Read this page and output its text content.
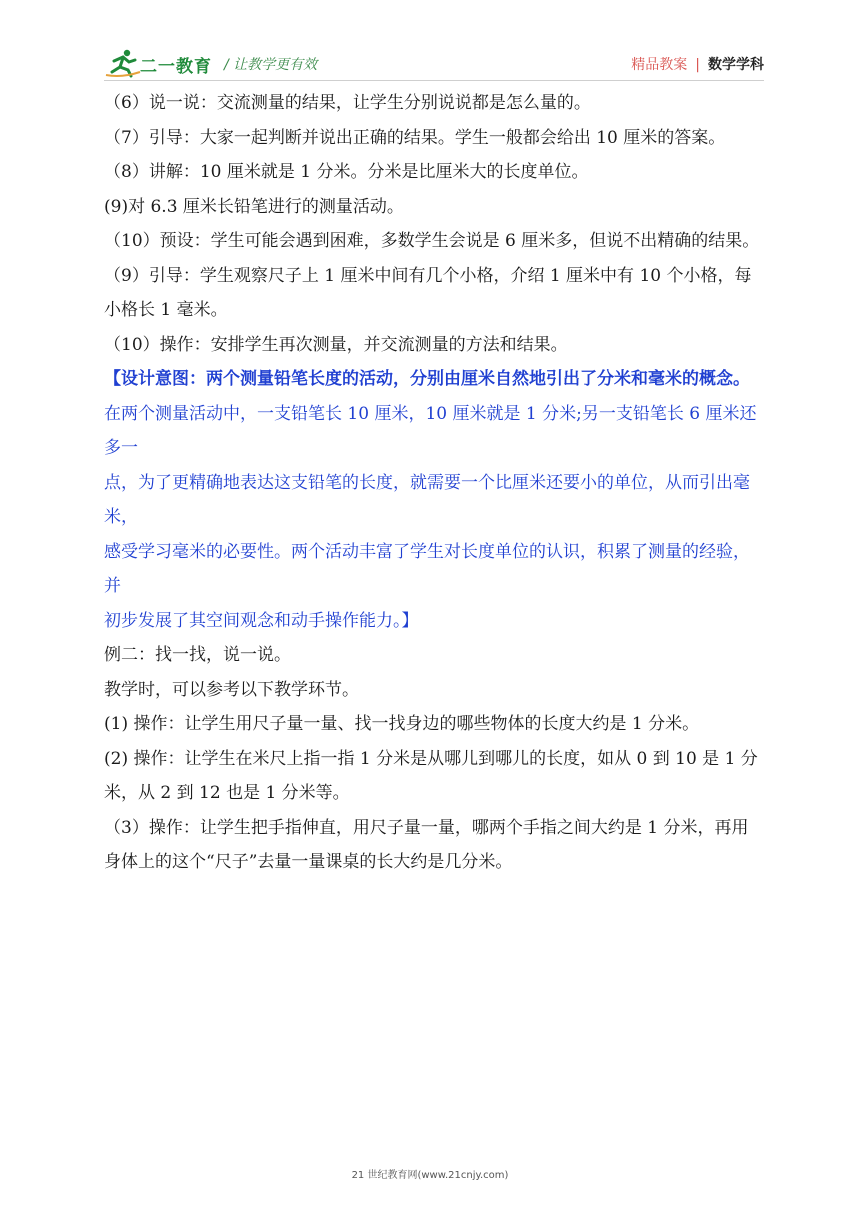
二一教育 / 让教学更有效	精品教案 | 数学学科

（6）说一说：交流测量的结果，让学生分别说说都是怎么量的。

（7）引导：大家一起判断并说出正确的结果。学生一般都会给出 10 厘米的答案。

（8）讲解：10 厘米就是 1 分米。分米是比厘米大的长度单位。

(9)对 6.3 厘米长铅笔进行的测量活动。

（10）预设：学生可能会遇到困难，多数学生会说是 6 厘米多，但说不出精确的结果。

（9）引导：学生观察尺子上 1 厘米中间有几个小格，介绍 1 厘米中有 10 个小格，每小格长 1 毫米。

（10）操作：安排学生再次测量，并交流测量的方法和结果。

【设计意图：两个测量铅笔长度的活动，分别由厘米自然地引出了分米和毫米的概念。

在两个测量活动中，一支铅笔长 10 厘米，10 厘米就是 1 分米;另一支铅笔长 6 厘米还多一

点，为了更精确地表达这支铅笔的长度，就需要一个比厘米还要小的单位，从而引出毫米，

感受学习毫米的必要性。两个活动丰富了学生对长度单位的认识，积累了测量的经验，并

初步发展了其空间观念和动手操作能力。】

例二：找一找，说一说。

教学时，可以参考以下教学环节。

(1) 操作：让学生用尺子量一量、找一找身边的哪些物体的长度大约是 1 分米。

(2) 操作：让学生在米尺上指一指 1 分米是从哪儿到哪儿的长度，如从 0 到 10 是 1 分米，从 2 到 12 也是 1 分米等。

（3）操作：让学生把手指伸直，用尺子量一量，哪两个手指之间大约是 1 分米，再用身体上的这个“尺子”去量一量课桌的长大约是几分米。

21 世纪教育网(www.21cnjy.com)
